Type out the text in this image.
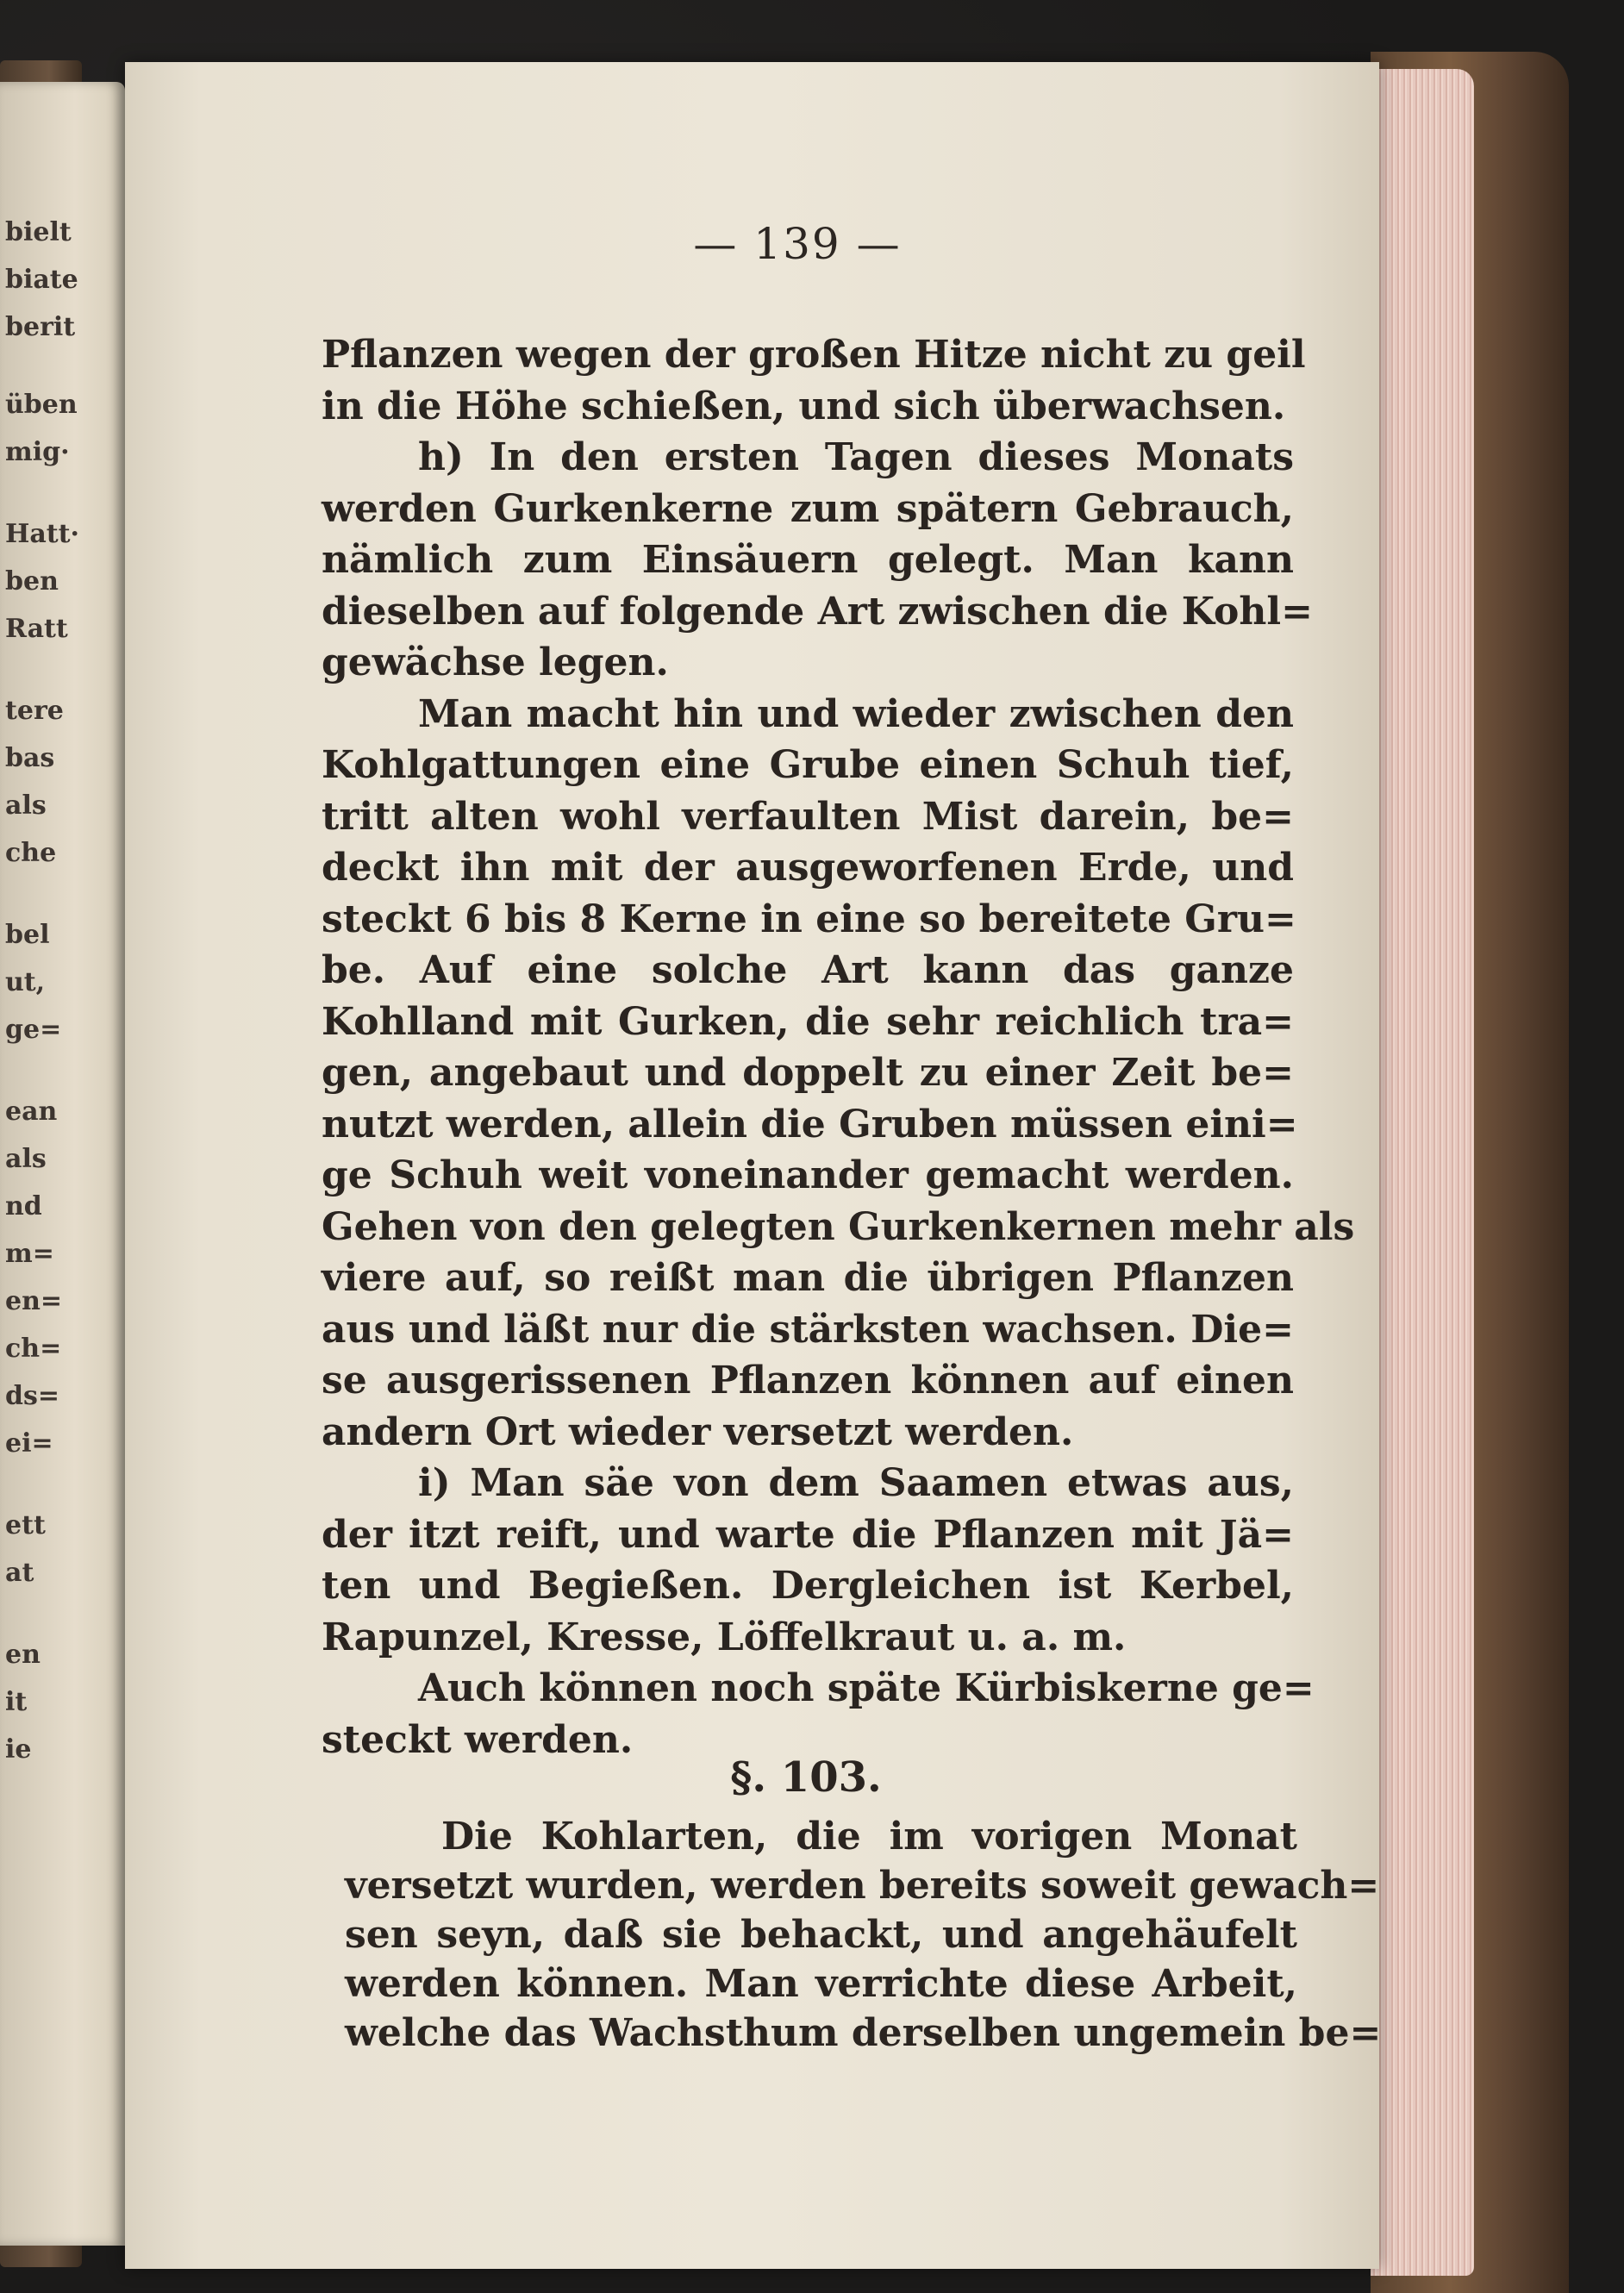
bielt
biate
berit
üben
mig·
Hatt·
ben
Ratt
tere
bas
als
che
bel
ut,
ge=
ean
als
nd
m=
en=
ch=
ds=
ei=
ett
at
en
it
ie
— 139 —
Pflanzen wegen der großen Hitze nicht zu geil
in die Höhe schießen, und sich überwachsen.
h) In den ersten Tagen dieses Monats
werden Gurkenkerne zum spätern Gebrauch,
nämlich zum Einsäuern gelegt. Man kann
dieselben auf folgende Art zwischen die Kohl=
gewächse legen.
Man macht hin und wieder zwischen den
Kohlgattungen eine Grube einen Schuh tief,
tritt alten wohl verfaulten Mist darein, be=
deckt ihn mit der ausgeworfenen Erde, und
steckt 6 bis 8 Kerne in eine so bereitete Gru=
be. Auf eine solche Art kann das ganze
Kohlland mit Gurken, die sehr reichlich tra=
gen, angebaut und doppelt zu einer Zeit be=
nutzt werden, allein die Gruben müssen eini=
ge Schuh weit voneinander gemacht werden.
Gehen von den gelegten Gurkenkernen mehr als
viere auf, so reißt man die übrigen Pflanzen
aus und läßt nur die stärksten wachsen. Die=
se ausgerissenen Pflanzen können auf einen
andern Ort wieder versetzt werden.
i) Man säe von dem Saamen etwas aus,
der itzt reift, und warte die Pflanzen mit Jä=
ten und Begießen. Dergleichen ist Kerbel,
Rapunzel, Kresse, Löffelkraut u. a. m.
Auch können noch späte Kürbiskerne ge=
steckt werden.
§. 103.
Die Kohlarten, die im vorigen Monat
versetzt wurden, werden bereits soweit gewach=
sen seyn, daß sie behackt, und angehäufelt
werden können. Man verrichte diese Arbeit,
welche das Wachsthum derselben ungemein be=
